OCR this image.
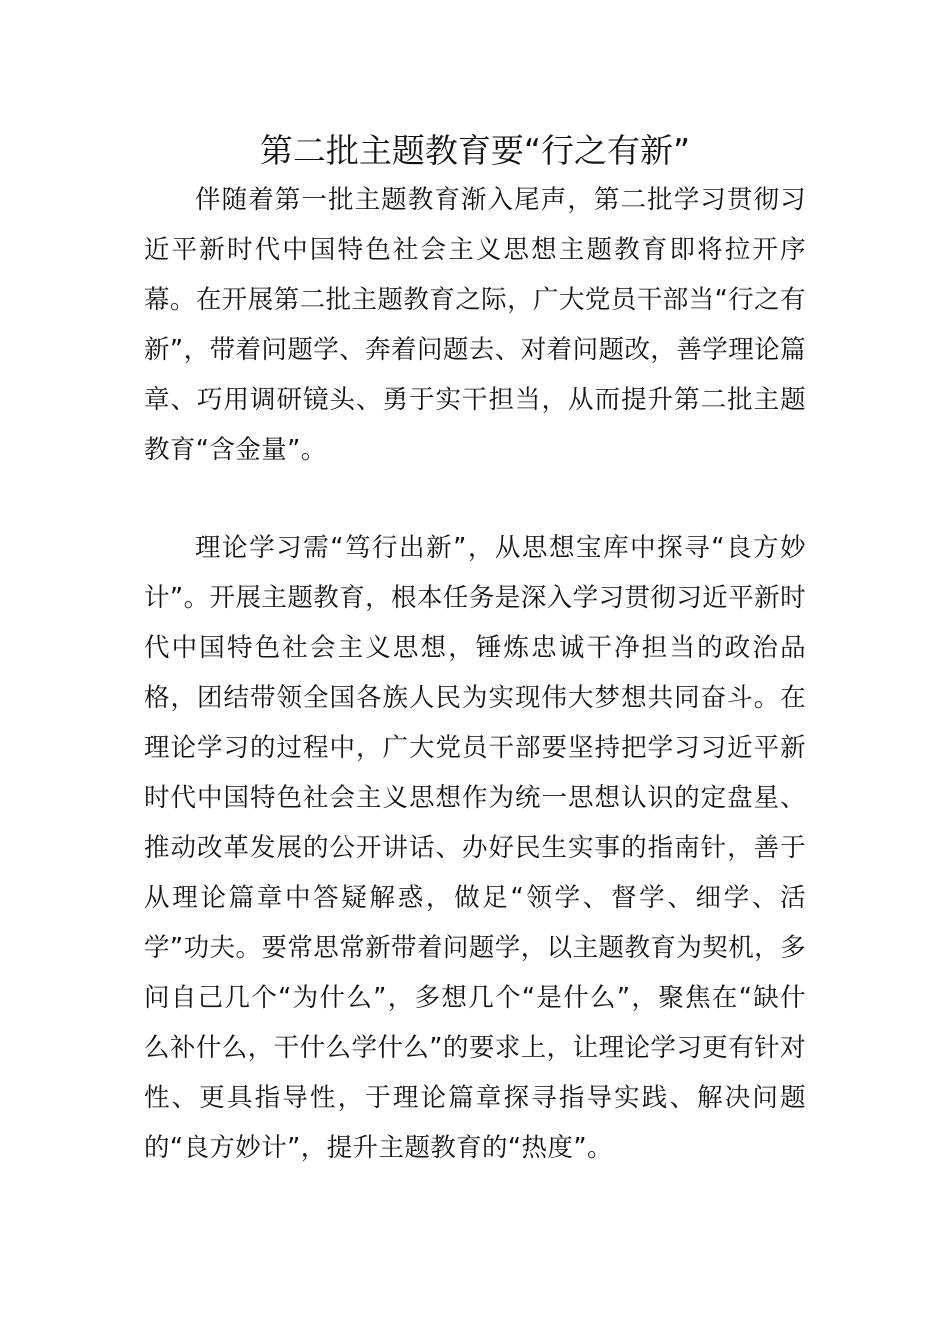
第二批主题教育要“行之有新”

伴随着第一批主题教育渐入尾声，第二批学习贯彻习近平新时代中国特色社会主义思想主题教育即将拉开序幕。在开展第二批主题教育之际，广大党员干部当“行之有新”，带着问题学、奔着问题去、对着问题改，善学理论篇章、巧用调研镜头、勇于实干担当，从而提升第二批主题教育“含金量”。

理论学习需“笃行出新”，从思想宝库中探寻“良方妙计”。开展主题教育，根本任务是深入学习贯彻习近平新时代中国特色社会主义思想，锤炼忠诚干净担当的政治品格，团结带领全国各族人民为实现伟大梦想共同奋斗。在理论学习的过程中，广大党员干部要坚持把学习习近平新时代中国特色社会主义思想作为统一思想认识的定盘星、推动改革发展的公开讲话、办好民生实事的指南针，善于从理论篇章中答疑解惑，做足“领学、督学、细学、活学”功夫。要常思常新带着问题学，以主题教育为契机，多问自己几个“为什么”，多想几个“是什么”，聚焦在“缺什么补什么，干什么学什么”的要求上，让理论学习更有针对性、更具指导性，于理论篇章探寻指导实践、解决问题的“良方妙计”，提升主题教育的“热度”。
